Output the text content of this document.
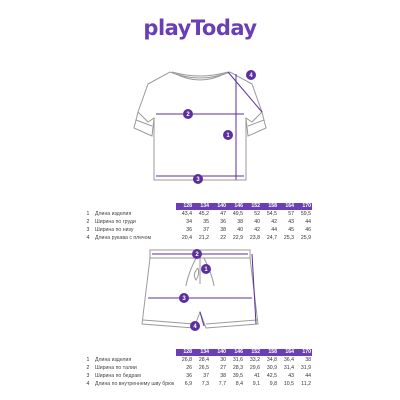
playToday
1
2
3
4
		128	134	140	146	152	158	164	170
1	Длина изделия	43,4	45,2	47	49,5	52	54,5	57	59,5
2	Ширина по груди	34	35	36	38	40	42	43	44
3	Ширина по низу	36	37	38	40	42	44	45	46
4	Длина рукава с плечом	20,4	21,2	22	22,9	23,8	24,7	25,3	25,9
1
2
3
4
		128	134	140	146	152	158	164	170
1	Длина изделия	26,8	28,4	30	31,6	33,2	34,8	36,4	38
2	Ширина по талии	26	26,5	27	28,3	29,6	30,9	31,4	31,9
3	Ширина по бедрам	36	37	38	39,5	41	42,5	43	44
4	Длина по внутреннему шву брюк	6,9	7,3	7,7	8,4	9,1	9,8	10,5	11,2
